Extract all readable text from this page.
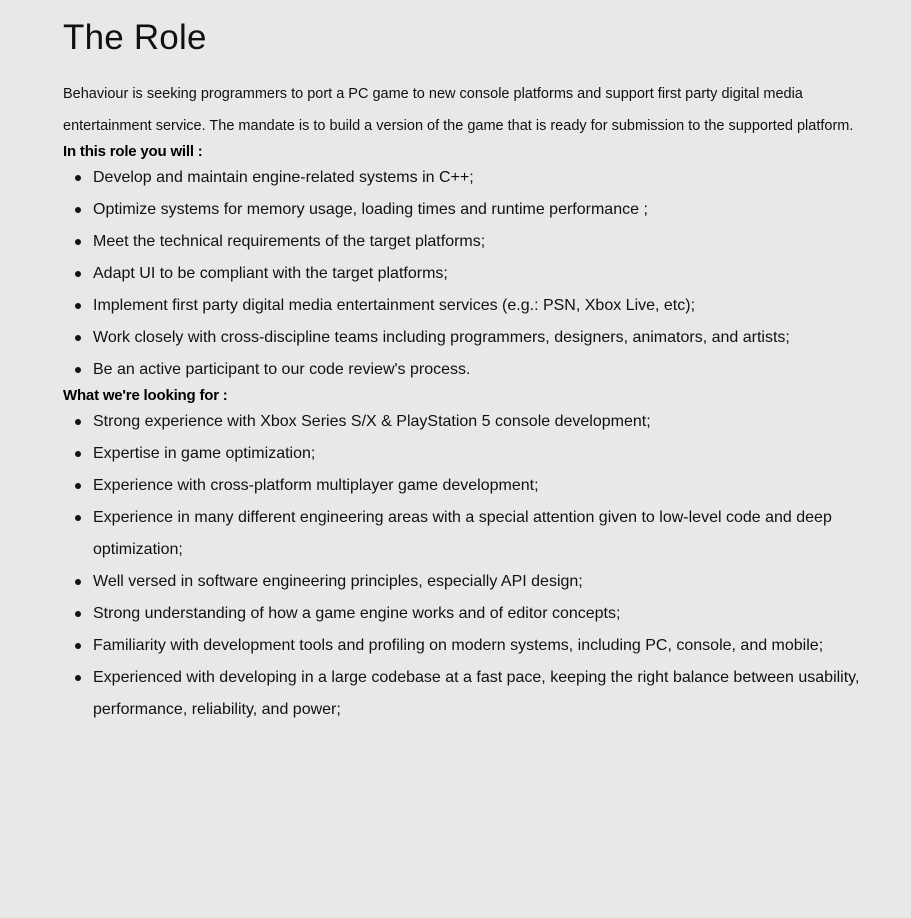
The Role

Behaviour is seeking programmers to port a PC game to new console platforms and support first party digital media entertainment service. The mandate is to build a version of the game that is ready for submission to the supported platform.

In this role you will :
Develop and maintain engine-related systems in C++;
Optimize systems for memory usage, loading times and runtime performance ;
Meet the technical requirements of the target platforms;
Adapt UI to be compliant with the target platforms;
Implement first party digital media entertainment services (e.g.: PSN, Xbox Live, etc);
Work closely with cross-discipline teams including programmers, designers, animators, and artists;
Be an active participant to our code review's process.
What we're looking for :
Strong experience with Xbox Series S/X & PlayStation 5 console development;
Expertise in game optimization;
Experience with cross-platform multiplayer game development;
Experience in many different engineering areas with a special attention given to low-level code and deep optimization;
Well versed in software engineering principles, especially API design;
Strong understanding of how a game engine works and of editor concepts;
Familiarity with development tools and profiling on modern systems, including PC, console, and mobile;
Experienced with developing in a large codebase at a fast pace, keeping the right balance between usability, performance, reliability, and power;
